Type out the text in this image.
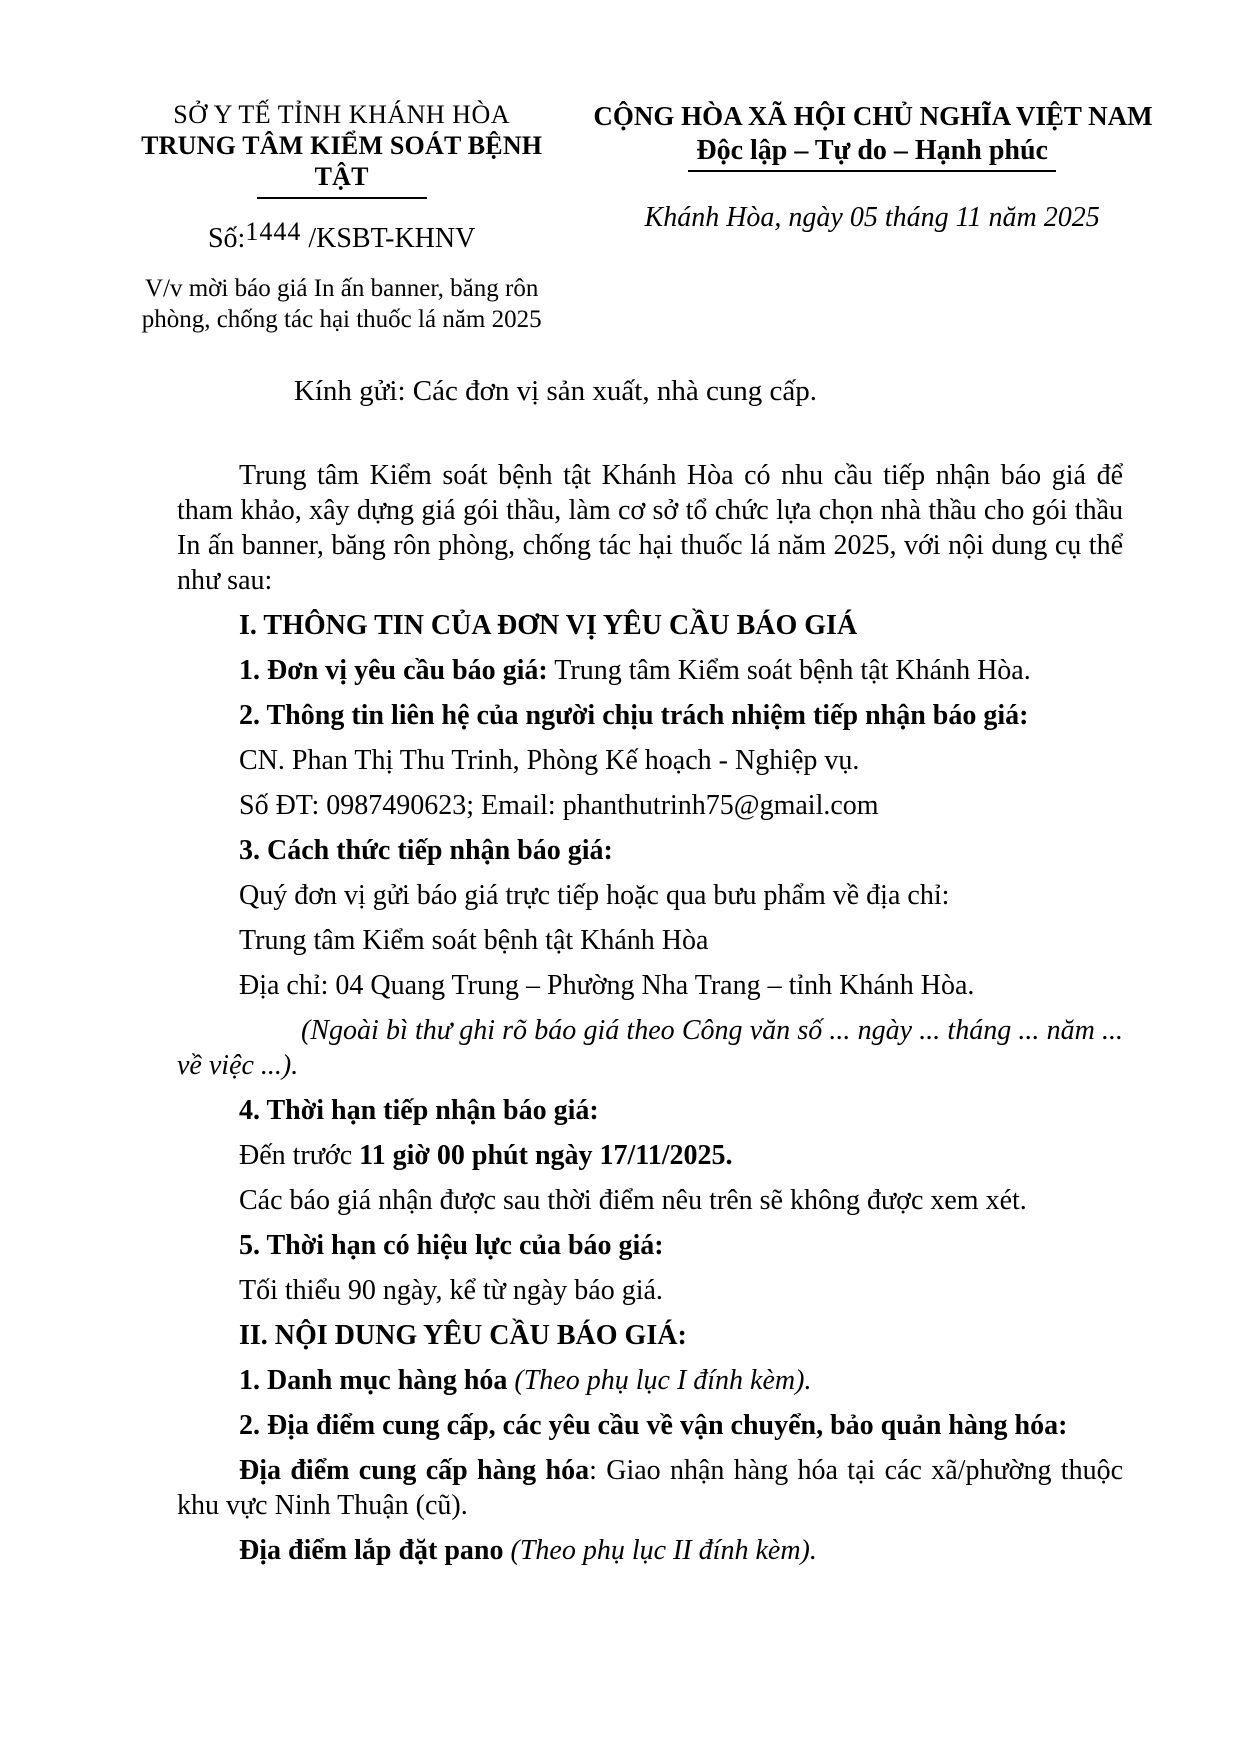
SỞ Y TẾ TỈNH KHÁNH HÒA
TRUNG TÂM KIỂM SOÁT BỆNH TẬT
Số:1444 /KSBT-KHNV
V/v mời báo giá In ấn banner, băng rôn
phòng, chống tác hại thuốc lá năm 2025
CỘNG HÒA XÃ HỘI CHỦ NGHĨA VIỆT NAM
Độc lập – Tự do – Hạnh phúc
Khánh Hòa, ngày 05 tháng 11 năm 2025
Kính gửi: Các đơn vị sản xuất, nhà cung cấp.

Trung tâm Kiểm soát bệnh tật Khánh Hòa có nhu cầu tiếp nhận báo giá để tham khảo, xây dựng giá gói thầu, làm cơ sở tổ chức lựa chọn nhà thầu cho gói thầu In ấn banner, băng rôn phòng, chống tác hại thuốc lá năm 2025, với nội dung cụ thể như sau:

I. THÔNG TIN CỦA ĐƠN VỊ YÊU CẦU BÁO GIÁ

1. Đơn vị yêu cầu báo giá: Trung tâm Kiểm soát bệnh tật Khánh Hòa.

2. Thông tin liên hệ của người chịu trách nhiệm tiếp nhận báo giá:

CN. Phan Thị Thu Trinh, Phòng Kế hoạch - Nghiệp vụ.

Số ĐT: 0987490623; Email: phanthutrinh75@gmail.com

3. Cách thức tiếp nhận báo giá:

Quý đơn vị gửi báo giá trực tiếp hoặc qua bưu phẩm về địa chỉ:

Trung tâm Kiểm soát bệnh tật Khánh Hòa

Địa chỉ: 04 Quang Trung – Phường Nha Trang – tỉnh Khánh Hòa.

(Ngoài bì thư ghi rõ báo giá theo Công văn số ... ngày ... tháng ... năm ... về việc ...).

4. Thời hạn tiếp nhận báo giá:

Đến trước 11 giờ 00 phút ngày 17/11/2025.

Các báo giá nhận được sau thời điểm nêu trên sẽ không được xem xét.

5. Thời hạn có hiệu lực của báo giá:

Tối thiểu 90 ngày, kể từ ngày báo giá.

II. NỘI DUNG YÊU CẦU BÁO GIÁ:

1. Danh mục hàng hóa (Theo phụ lục I đính kèm).

2. Địa điểm cung cấp, các yêu cầu về vận chuyển, bảo quản hàng hóa:

Địa điểm cung cấp hàng hóa: Giao nhận hàng hóa tại các xã/phường thuộc khu vực Ninh Thuận (cũ).

Địa điểm lắp đặt pano (Theo phụ lục II đính kèm).
